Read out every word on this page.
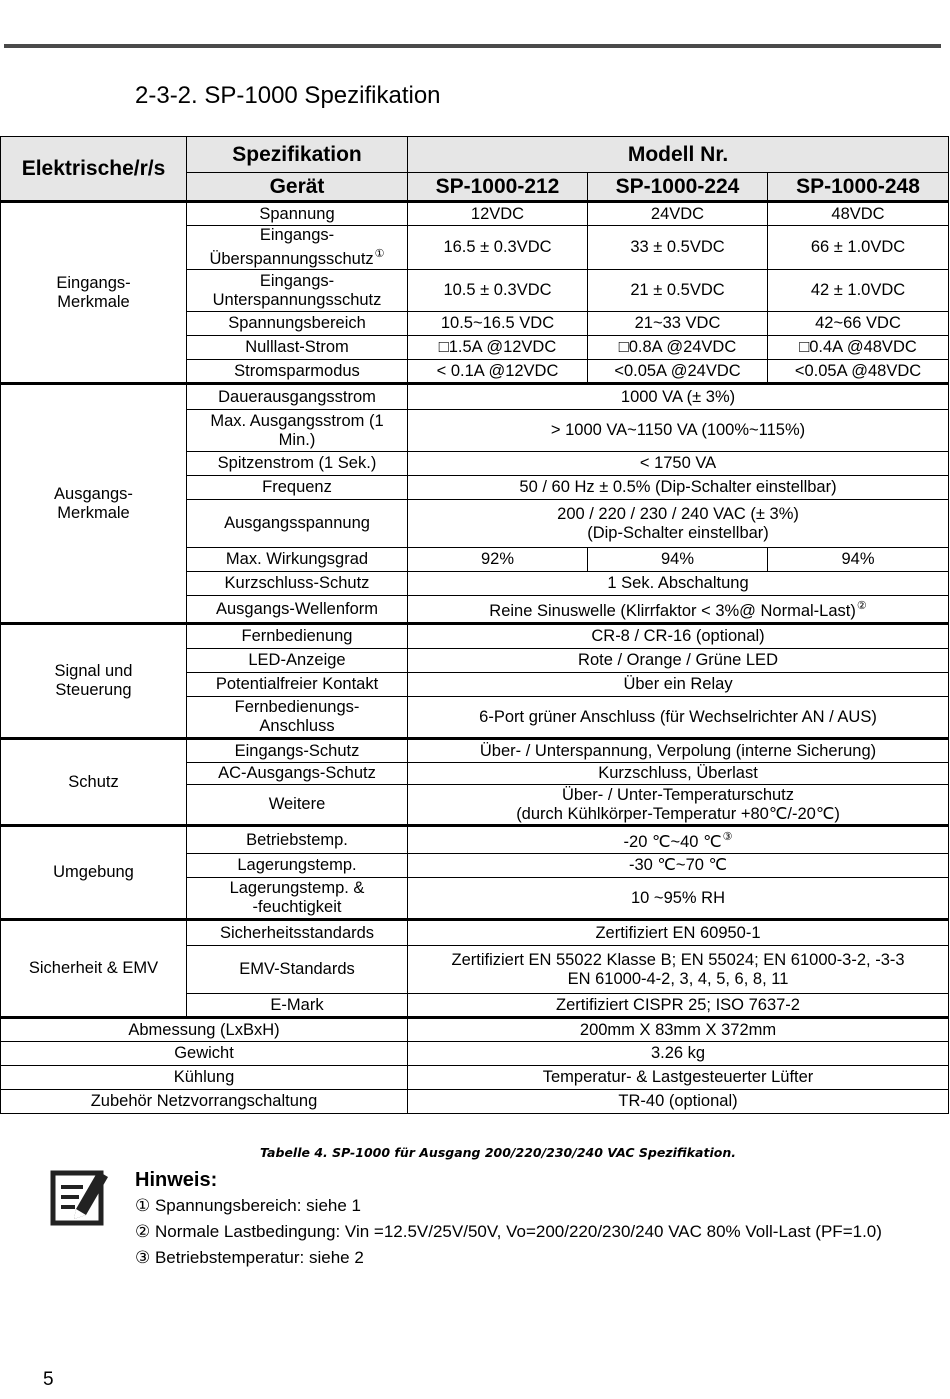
2-3-2. SP-1000 Spezifikation
Elektrische/r/s	Spezifikation	Modell Nr.		
	Gerät	SP-1000-212	SP-1000-224	SP-1000-248
Eingangs-
Merkmale	Spannung	12VDC	24VDC	48VDC
	Eingangs-
Überspannungsschutz①	16.5 ± 0.3VDC	33 ± 0.5VDC	66 ± 1.0VDC
	Eingangs-
Unterspannungsschutz	10.5 ± 0.3VDC	21 ± 0.5VDC	42 ± 1.0VDC
	Spannungsbereich	10.5~16.5 VDC	21~33 VDC	42~66 VDC
	Nulllast-Strom	□1.5A @12VDC	□0.8A @24VDC	□0.4A @48VDC
	Stromsparmodus	< 0.1A @12VDC	<0.05A @24VDC	<0.05A @48VDC
Ausgangs-
Merkmale	Dauerausgangsstrom	1000 VA (± 3%)		
	Max. Ausgangsstrom (1
Min.)	> 1000 VA~1150 VA (100%~115%)		
	Spitzenstrom (1 Sek.)	< 1750 VA		
	Frequenz	50 / 60 Hz ± 0.5% (Dip-Schalter einstellbar)		
	Ausgangsspannung	200 / 220 / 230 / 240 VAC (± 3%)
(Dip-Schalter einstellbar)		
	Max. Wirkungsgrad	92%	94%	94%
	Kurzschluss-Schutz	1 Sek. Abschaltung		
	Ausgangs-Wellenform	Reine Sinuswelle (Klirrfaktor < 3%@ Normal-Last)②
Signal und
Steuerung	Fernbedienung	CR-8 / CR-16 (optional)		
	LED-Anzeige	Rote / Orange / Grüne LED		
	Potentialfreier Kontakt	Über ein Relay		
	Fernbedienungs-
Anschluss	6-Port grüner Anschluss (für Wechselrichter AN / AUS)		
Schutz	Eingangs-Schutz	Über- / Unterspannung, Verpolung (interne Sicherung)		
	AC-Ausgangs-Schutz	Kurzschluss, Überlast		
	Weitere	Über- / Unter-Temperaturschutz
(durch Kühlkörper-Temperatur +80℃/-20℃)		
Umgebung	Betriebstemp.	-20 ℃~40 ℃③
	Lagerungstemp.	-30 ℃~70 ℃		
	Lagerungstemp. &
-feuchtigkeit	10 ~95% RH		
Sicherheit & EMV	Sicherheitsstandards	Zertifiziert EN 60950-1		
	EMV-Standards	Zertifiziert EN 55022 Klasse B; EN 55024; EN 61000-3-2, -3-3
EN 61000-4-2, 3, 4, 5, 6, 8, 11		
	E-Mark	Zertifiziert CISPR 25; ISO 7637-2		
Abmessung (LxBxH)		200mm X 83mm X 372mm		
Gewicht		3.26 kg		
Kühlung		Temperatur- & Lastgesteuerter Lüfter		
Zubehör Netzvorrangschaltung		TR-40 (optional)		
Tabelle 4. SP-1000 für Ausgang 200/220/230/240 VAC Spezifikation.
Hinweis:
① Spannungsbereich: siehe 1
② Normale Lastbedingung: Vin =12.5V/25V/50V, Vo=200/220/230/240 VAC 80% Voll-Last (PF=1.0)
③ Betriebstemperatur: siehe 2
5
